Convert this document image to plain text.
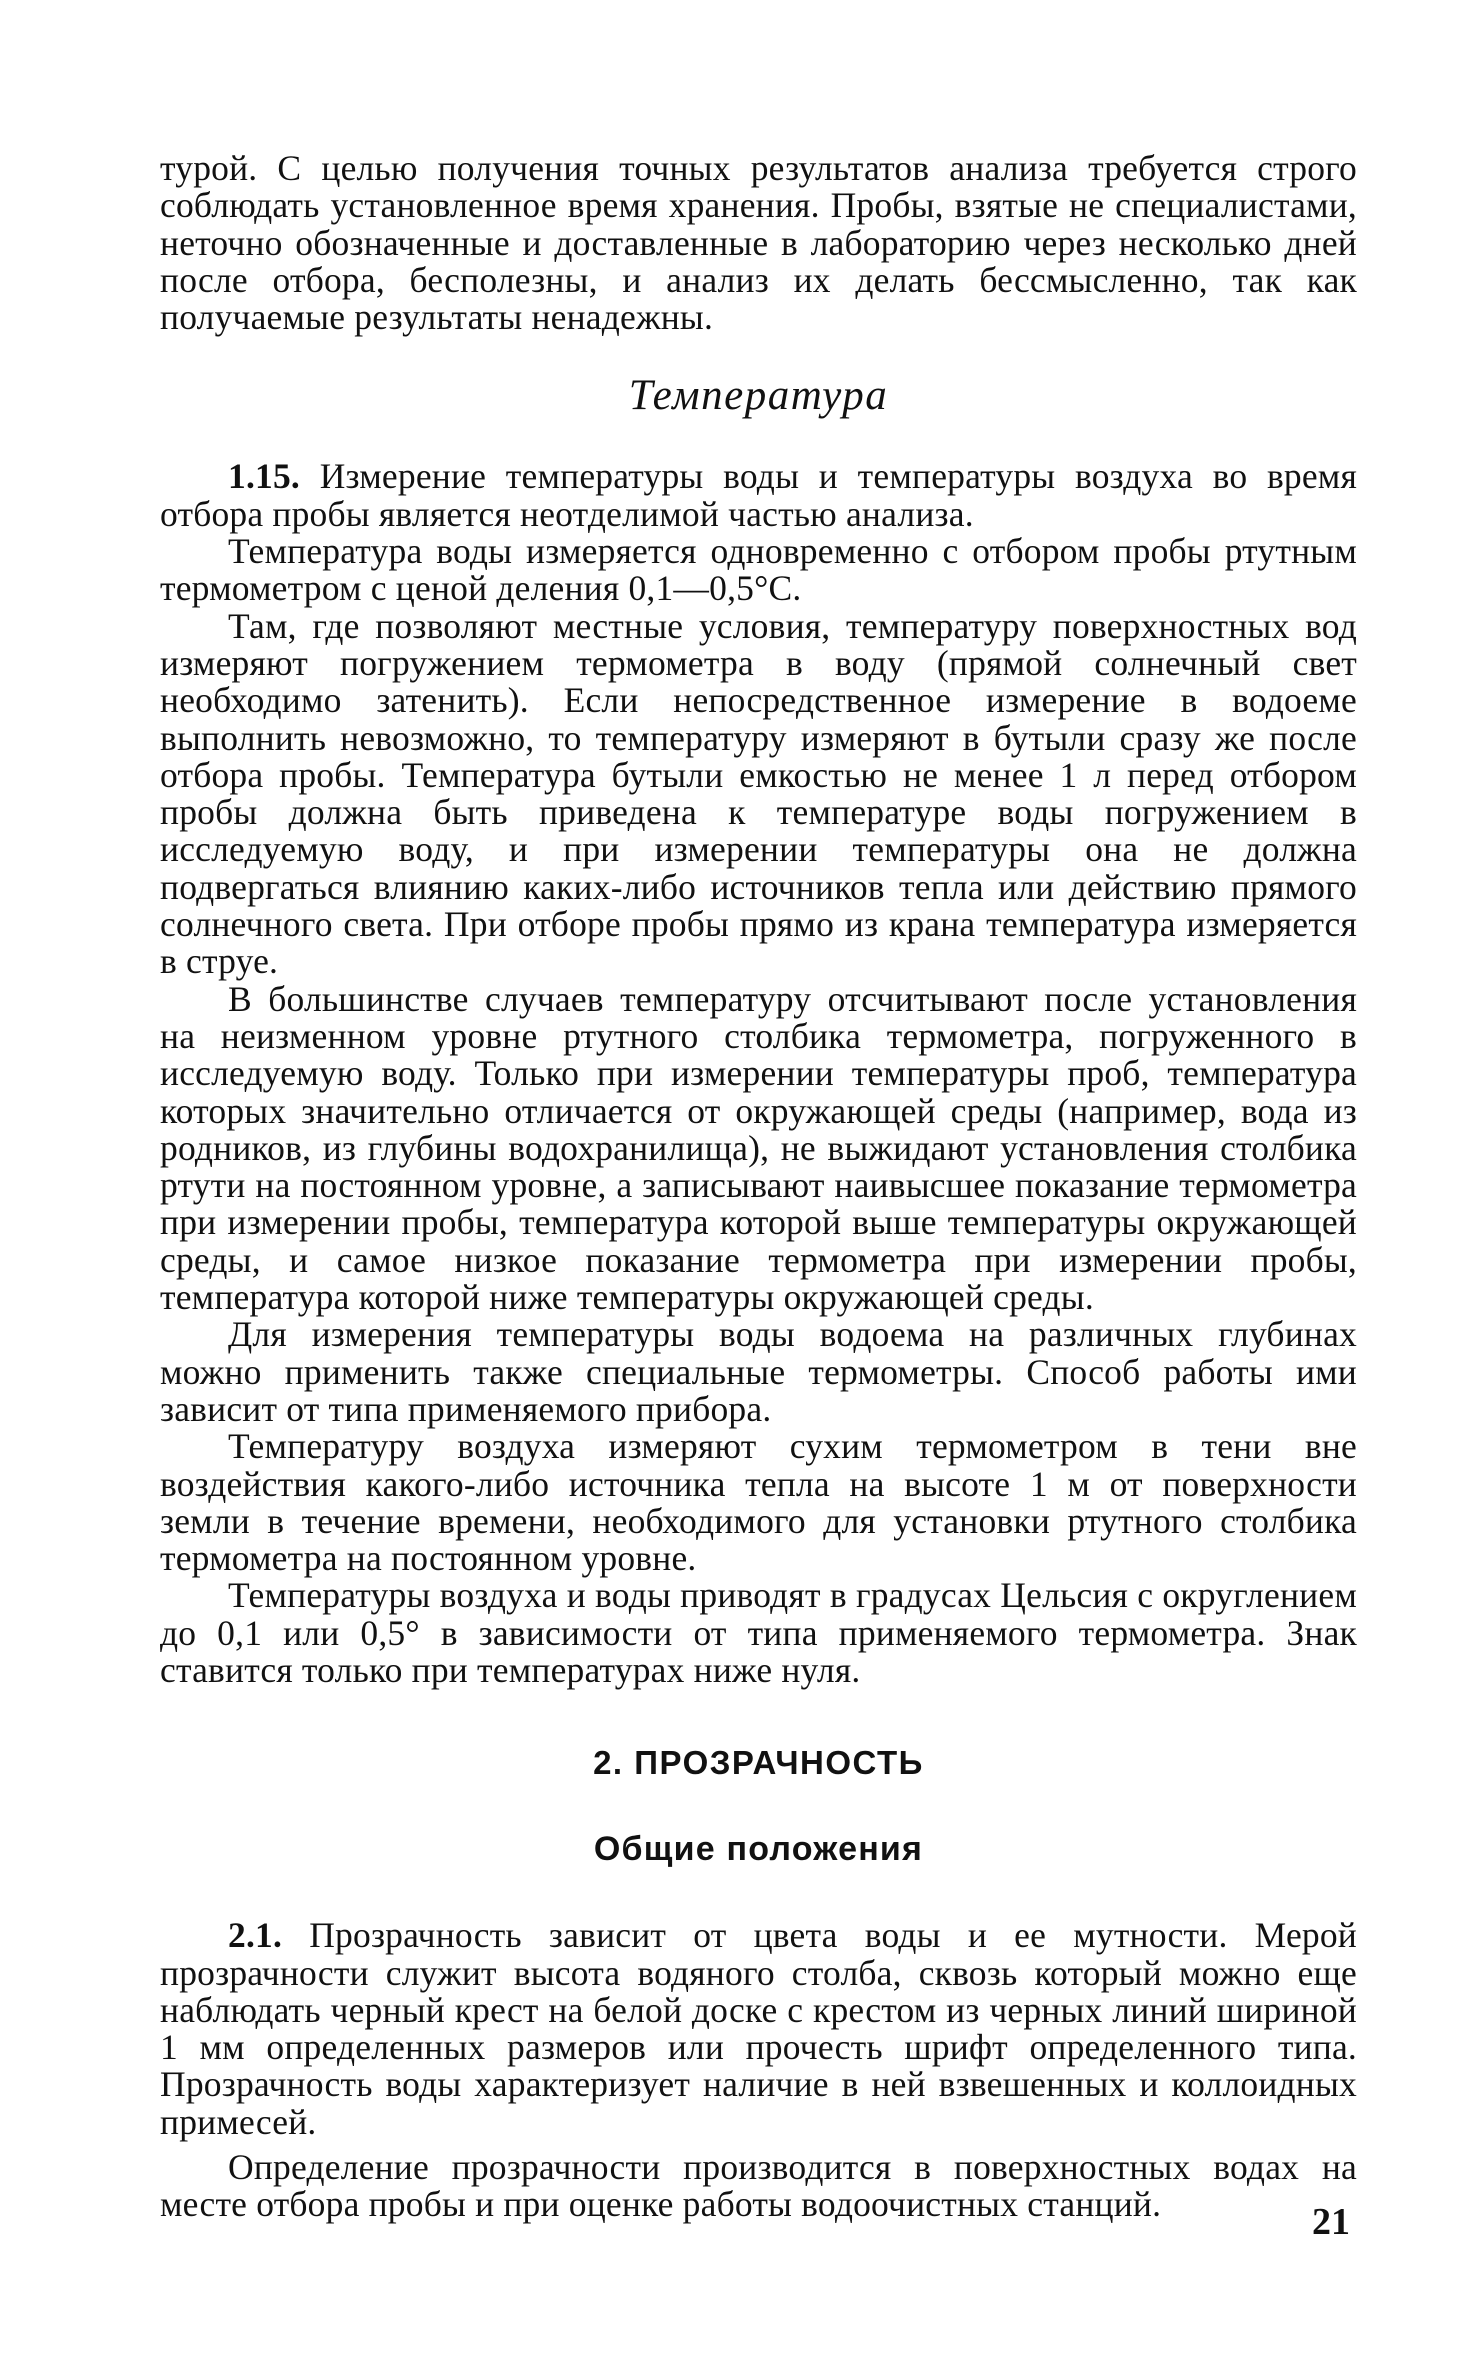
турой. С целью получения точных результатов анализа требуется строго соблюдать установленное время хранения. Пробы, взятые не специалистами, неточно обозначенные и доставленные в лабораторию через несколько дней после отбора, бесполезны, и анализ их делать бессмысленно, так как получаемые результаты ненадежны.

Температура

1.15. Измерение температуры воды и температуры воздуха во время отбора пробы является неотделимой частью анализа.

Температура воды измеряется одновременно с отбором пробы ртутным термометром с ценой деления 0,1—0,5°С.

Там, где позволяют местные условия, температуру поверхностных вод измеряют погружением термометра в воду (прямой солнечный свет необходимо затенить). Если непосредственное измерение в водоеме выполнить невозможно, то температуру измеряют в бутыли сразу же после отбора пробы. Температура бутыли емкостью не менее 1 л перед отбором пробы должна быть приведена к температуре воды погружением в исследуемую воду, и при измерении температуры она не должна подвергаться влиянию каких-либо источников тепла или действию прямого солнечного света. При отборе пробы прямо из крана температура измеряется в струе.

В большинстве случаев температуру отсчитывают после установления на неизменном уровне ртутного столбика термометра, погруженного в исследуемую воду. Только при измерении температуры проб, температура которых значительно отличается от окружающей среды (например, вода из родников, из глубины водохранилища), не выжидают установления столбика ртути на постоянном уровне, а записывают наивысшее показание термометра при измерении пробы, температура которой выше температуры окружающей среды, и самое низкое показание термометра при измерении пробы, температура которой ниже температуры окружающей среды.

Для измерения температуры воды водоема на различных глубинах можно применить также специальные термометры. Способ работы ими зависит от типа применяемого прибора.

Температуру воздуха измеряют сухим термометром в тени вне воздействия какого-либо источника тепла на высоте 1 м от поверхности земли в течение времени, необходимого для установки ртутного столбика термометра на постоянном уровне.

Температуры воздуха и воды приводят в градусах Цельсия с округлением до 0,1 или 0,5° в зависимости от типа применяемого термометра. Знак ставится только при температурах ниже нуля.

2. ПРОЗРАЧНОСТЬ
Общие положения

2.1. Прозрачность зависит от цвета воды и ее мутности. Мерой прозрачности служит высота водяного столба, сквозь который можно еще наблюдать черный крест на белой доске с крестом из черных линий шириной 1 мм определенных размеров или прочесть шрифт определенного типа. Прозрачность воды характеризует наличие в ней взвешенных и коллоидных примесей.

Определение прозрачности производится в поверхностных водах на месте отбора пробы и при оценке работы водоочистных станций.	21
